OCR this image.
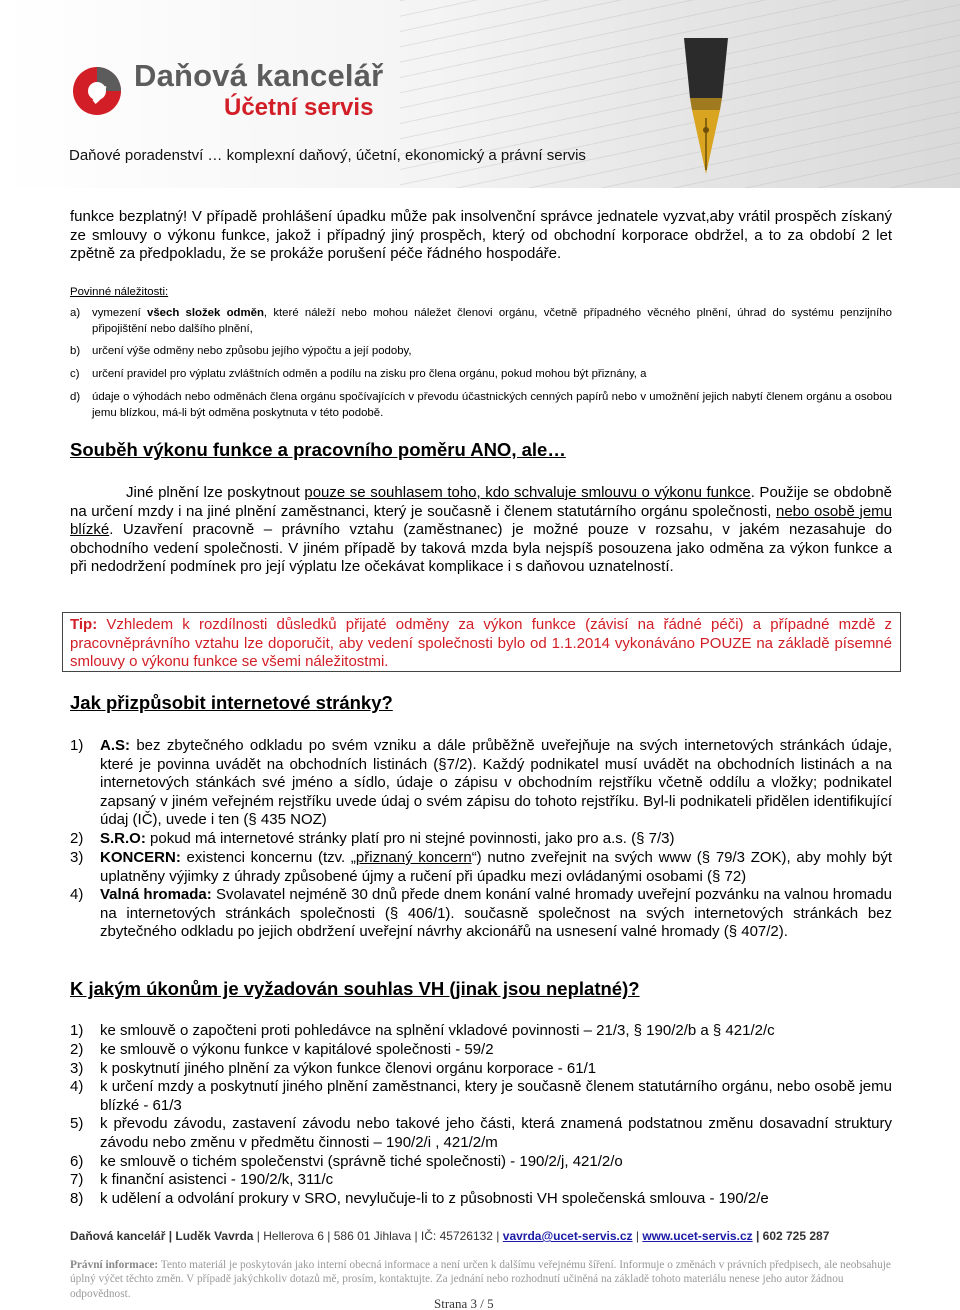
Daňová kancelář
Účetní servis
Daňové poradenství … komplexní daňový, účetní, ekonomický a právní servis
funkce bezplatný! V případě prohlášení úpadku může pak insolvenční správce jednatele vyzvat,aby vrátil prospěch získaný ze smlouvy o výkonu funkce, jakož i případný jiný prospěch, který od obchodní korporace obdržel, a to za období 2 let zpětně za předpokladu, že se prokáže porušení péče řádného hospodáře.
Povinné náležitosti:
a) vymezení všech složek odměn, které náleží nebo mohou náležet členovi orgánu, včetně případného věcného plnění, úhrad do systému penzijního připojištění nebo dalšího plnění,
b) určení výše odměny nebo způsobu jejího výpočtu a její podoby,
c) určení pravidel pro výplatu zvláštních odměn a podílu na zisku pro člena orgánu, pokud mohou být přiznány, a
d) údaje o výhodách nebo odměnách člena orgánu spočívajících v převodu účastnických cenných papírů nebo v umožnění jejich nabytí členem orgánu a osobou jemu blízkou, má-li být odměna poskytnuta v této podobě.
Souběh výkonu funkce a pracovního poměru ANO, ale…
Jiné plnění lze poskytnout pouze se souhlasem toho, kdo schvaluje smlouvu o výkonu funkce. Použije se obdobně na určení mzdy i na jiné plnění zaměstnanci, který je současně i členem statutárního orgánu společnosti, nebo osobě jemu blízké. Uzavření pracovně – právního vztahu (zaměstnanec) je možné pouze v rozsahu, v jakém nezasahuje do obchodního vedení společnosti. V jiném případě by taková mzda byla nejspíš posouzena jako odměna za výkon funkce a při nedodržení podmínek pro její výplatu lze očekávat komplikace i s daňovou uznatelností.
Tip: Vzhledem k rozdílnosti důsledků přijaté odměny za výkon funkce (závisí na řádné péči) a případné mzdě z pracovněprávního vztahu lze doporučit, aby vedení společnosti bylo od 1.1.2014 vykonáváno POUZE na základě písemné smlouvy o výkonu funkce se všemi náležitostmi.
Jak přizpůsobit internetové stránky?
1) A.S: bez zbytečného odkladu po svém vzniku a dále průběžně uveřejňuje na svých internetových stránkách údaje, které je povinna uvádět na obchodních listinách (§7/2). Každý podnikatel musí uvádět na obchodních listinách a na internetových stánkách své jméno a sídlo, údaje o zápisu v obchodním rejstříku včetně oddílu a vložky; podnikatel zapsaný v jiném veřejném rejstříku uvede údaj o svém zápisu do tohoto rejstříku. Byl-li podnikateli přidělen identifikující údaj (IČ), uvede i ten (§ 435 NOZ)
2) S.R.O: pokud má internetové stránky platí pro ni stejné povinnosti, jako pro a.s. (§ 7/3)
3) KONCERN: existenci koncernu (tzv. „přiznaný koncern“) nutno zveřejnit na svých www (§ 79/3 ZOK), aby mohly být uplatněny výjimky z úhrady způsobené újmy a ručení při úpadku mezi ovládanými osobami (§ 72)
4) Valná hromada: Svolavatel nejméně 30 dnů přede dnem konání valné hromady uveřejní pozvánku na valnou hromadu na internetových stránkách společnosti (§ 406/1). současně společnost na svých internetových stránkách bez zbytečného odkladu po jejich obdržení uveřejní návrhy akcionářů na usnesení valné hromady (§ 407/2).
K jakým úkonům je vyžadován souhlas VH (jinak jsou neplatné)?
1) ke smlouvě o započteni proti pohledávce na splnění vkladové povinnosti – 21/3, § 190/2/b a § 421/2/c
2) ke smlouvě o výkonu funkce v kapitálové společnosti - 59/2
3) k poskytnutí jiného plnění za výkon funkce členovi orgánu korporace - 61/1
4) k určení mzdy a poskytnutí jiného plnění zaměstnanci, ktery je současně členem statutárního orgánu, nebo osobě jemu blízké - 61/3
5) k převodu závodu, zastavení závodu nebo takové jeho části, která znamená podstatnou změnu dosavadní struktury závodu nebo změnu v předmětu činnosti – 190/2/i , 421/2/m
6) ke smlouvě o tichém společenstvi (správně tiché společnosti) - 190/2/j, 421/2/o
7) k finanční asistenci - 190/2/k, 311/c
8) k udělení a odvolání prokury v SRO, nevylučuje-li to z působnosti VH společenská smlouva - 190/2/e
Daňová kancelář | Luděk Vavrda | Hellerova 6 | 586 01 Jihlava | IČ: 45726132 | vavrda@ucet-servis.cz | www.ucet-servis.cz | 602 725 287
Právní informace: Tento materiál je poskytován jako interní obecná informace a není určen k dalšímu veřejnému šíření. Informuje o změnách v právních předpisech, ale neobsahuje úplný výčet těchto změn. V případě jakýchkoliv dotazů mě, prosím, kontaktujte. Za jednání nebo rozhodnutí učiněná na základě tohoto materiálu nenese jeho autor žádnou odpovědnost.
Strana 3 / 5
